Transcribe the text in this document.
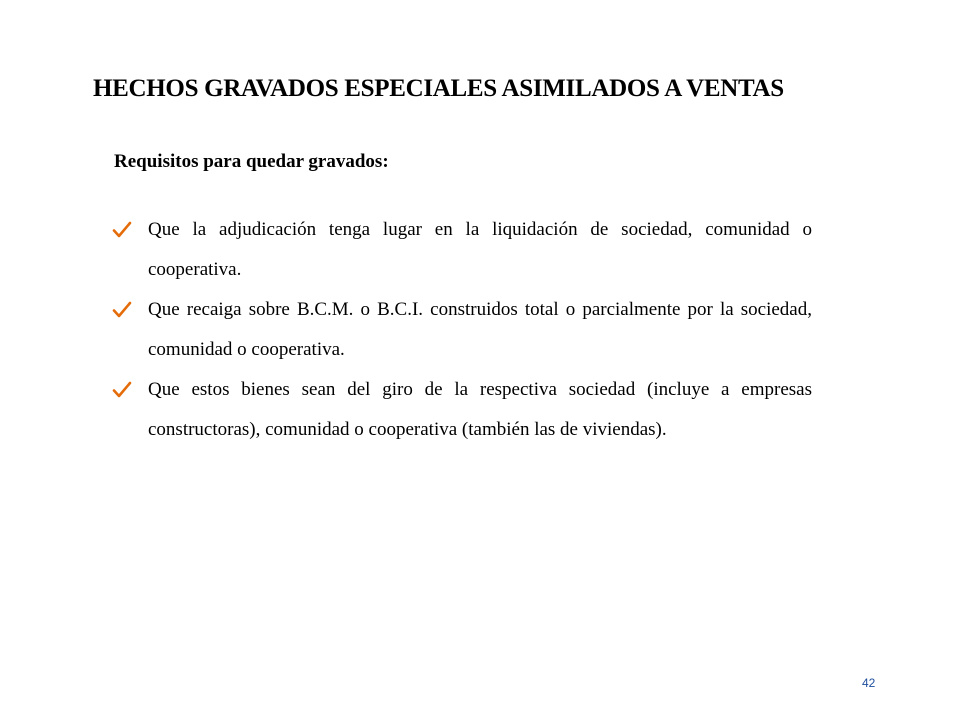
HECHOS GRAVADOS ESPECIALES ASIMILADOS A VENTAS
Requisitos para quedar gravados:
Que la adjudicación tenga lugar en la liquidación de sociedad, comunidad o cooperativa.
Que recaiga sobre B.C.M. o B.C.I. construidos total o parcialmente por la sociedad, comunidad o cooperativa.
Que estos bienes sean del giro de la respectiva sociedad (incluye a empresas constructoras), comunidad o cooperativa (también las de viviendas).
42
